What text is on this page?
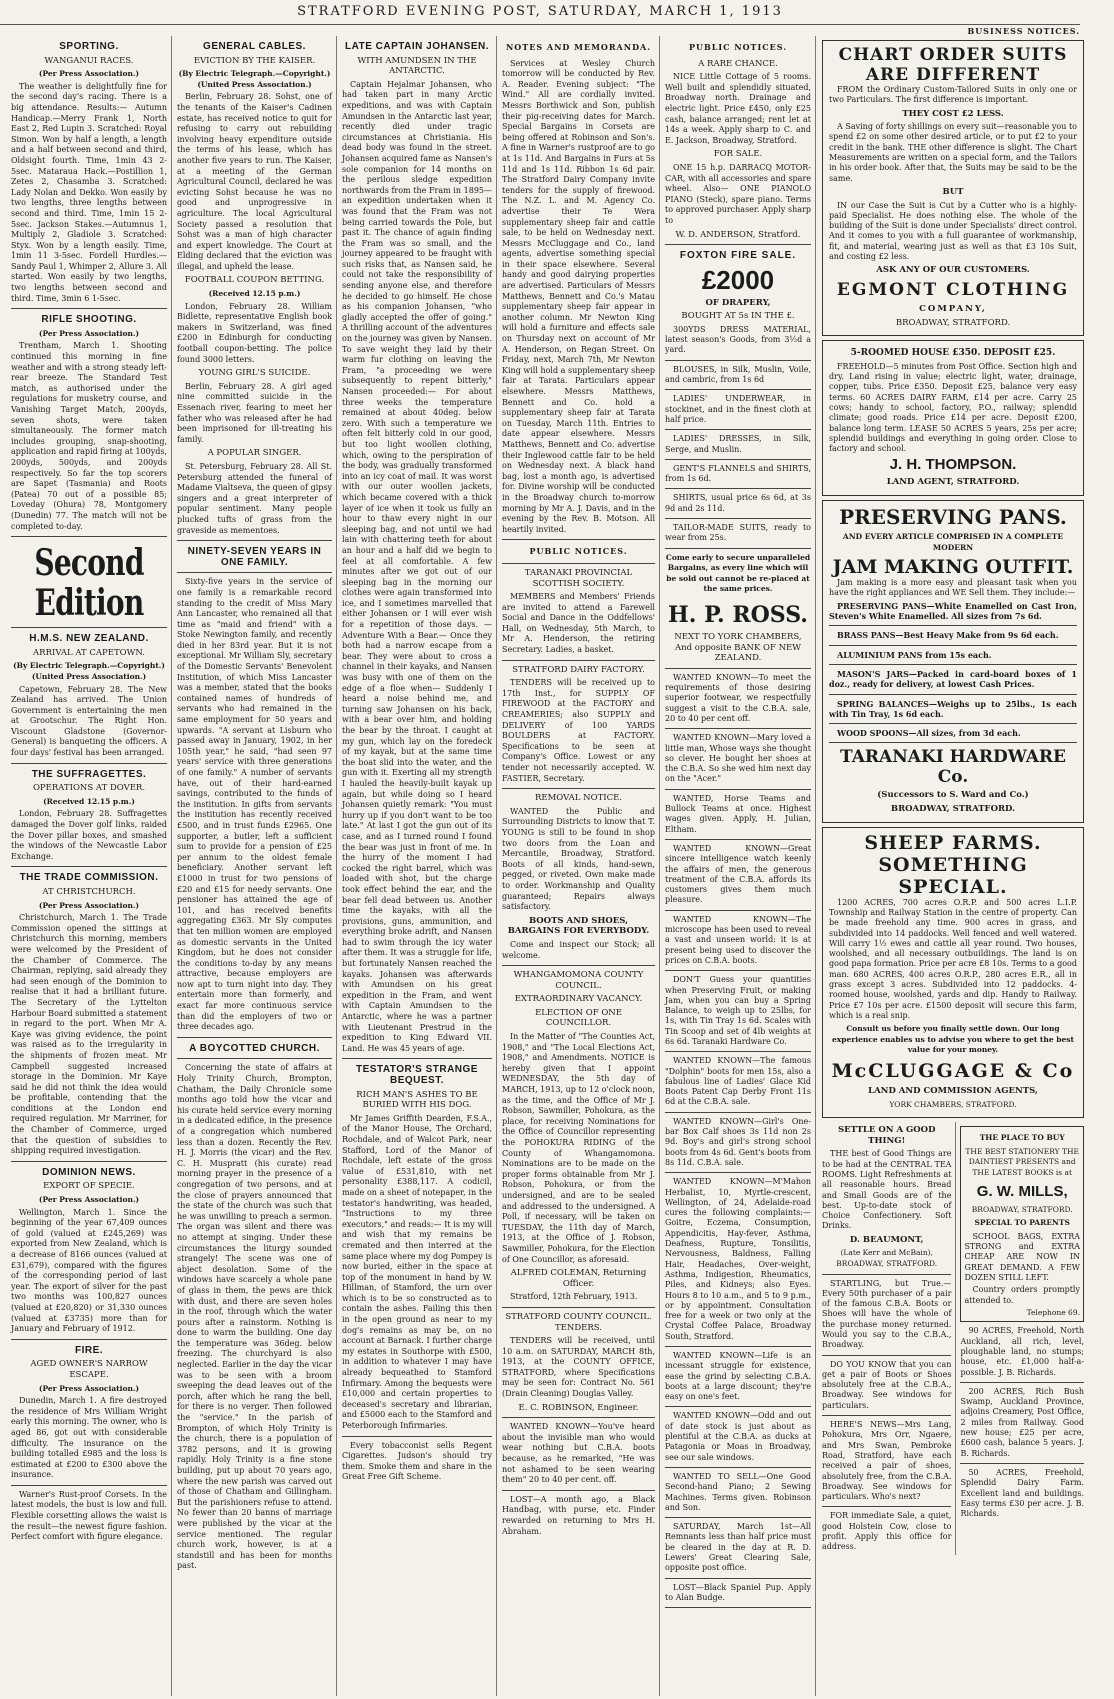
STRATFORD EVENING POST, SATURDAY, MARCH 1, 1913
BUSINESS NOTICES.
SPORTING.
WANGANUI RACES.
(Per Press Association.)

The weather is delightfully fine for the second day's racing. There is a big attendance. Results:— Autumn Handicap.—Merry Frank 1, North East 2, Red Lupin 3. Scratched: Royal Simon. Won by half a length, a length and a half between second and third, Oldsight fourth. Time, 1min 43 2-5sec. Mataraua Hack.—Postillion 1, Zetes 2, Chasamba 3. Scratched: Lady Nolan and Dekko. Won easily by two lengths, three lengths between second and third. Time, 1min 15 2-5sec. Jackson Stakes.—Autumnus 1, Multiply 2, Gladiole 3. Scratched: Styx. Won by a length easily. Time, 1min 11 3-5sec. Fordell Hurdles.—Sandy Paul 1, Whimper 2, Allure 3. All started. Won easily by two lengths, two lengths between second and third. Time, 3min 6 1-5sec.

RIFLE SHOOTING.
(Per Press Association.)

Trentham, March 1. Shooting continued this morning in fine weather and with a strong steady left-rear breeze. The Standard Test match, as authorised under the regulations for musketry course, and Vanishing Target Match, 200yds, seven shots, were taken simultaneously. The former match includes grouping, snap-shooting, application and rapid firing at 100yds, 200yds, 500yds, and 200yds respectively. So far the top scorers are Sapet (Tasmania) and Roots (Patea) 70 out of a possible 85; Loveday (Ohura) 78, Montgomery (Dunedin) 77. The match will not be completed to-day.

Second Edition
H.M.S. NEW ZEALAND.
ARRIVAL AT CAPETOWN.
(By Electric Telegraph.—Copyright.) (United Press Association.)

Capetown, February 28. The New Zealand has arrived. The Union Government is entertaining the men at Grootschur. The Right Hon. Viscount Gladstone (Governor-General) is banqueting the officers. A four days' festival has been arranged.

THE SUFFRAGETTES.
OPERATIONS AT DOVER.
(Received 12.15 p.m.)

London, February 28. Suffragettes damaged the Dover golf links, raided the Dover pillar boxes, and smashed the windows of the Newcastle Labor Exchange.

THE TRADE COMMISSION.
AT CHRISTCHURCH.
(Per Press Association.)

Christchurch, March 1. The Trade Commission opened the sittings at Christchurch this morning, members were welcomed by the President of the Chamber of Commerce. The Chairman, replying, said already they had seen enough of the Dominion to realise that it had a brilliant future. The Secretary of the Lyttelton Harbour Board submitted a statement in regard to the port. When Mr A. Kaye was giving evidence, the point was raised as to the irregularity in the shipments of frozen meat. Mr Campbell suggested increased storage in the Dominion. Mr Kaye said he did not think the idea would be profitable, contending that the conditions at the London end required regulation. Mr Marriner, for the Chamber of Commerce, urged that the question of subsidies to shipping required investigation.

DOMINION NEWS.
EXPORT OF SPECIE.
(Per Press Association.)

Wellington, March 1. Since the beginning of the year 67,409 ounces of gold (valued at £245,269) was exported from New Zealand, which is a decrease of 8166 ounces (valued at £31,679), compared with the figures of the corresponding period of last year. The export of silver for the past two months was 100,827 ounces (valued at £20,820) or 31,330 ounces (valued at £3735) more than for January and February of 1912.

FIRE.
AGED OWNER'S NARROW ESCAPE.
(Per Press Association.)

Dunedin, March 1. A fire destroyed the residence of Mrs William Wright early this morning. The owner, who is aged 86, got out with considerable difficulty. The insurance on the building totalled £985 and the loss is estimated at £200 to £300 above the insurance.

Warner's Rust-proof Corsets. In the latest models, the bust is low and full. Flexible corsetting allows the waist is the result—the newest figure fashion. Perfect comfort with figure elegance.

GENERAL CABLES.
EVICTION BY THE KAISER.
(By Electric Telegraph.—Copyright.) (United Press Association.)

Berlin, February 28. Sohst, one of the tenants of the Kaiser's Cadinen estate, has received notice to quit for refusing to carry out rebuilding involving heavy expenditure outside the terms of his lease, which has another five years to run. The Kaiser, at a meeting of the German Agricultural Council, declared he was evicting Sohst because he was no good and unprogressive in agriculture. The local Agricultural Society passed a resolution that Sohst was a man of high character and expert knowledge. The Court at Elding declared that the eviction was illegal, and upheld the lease.

FOOTBALL COUPON BETTING.
(Received 12.15 p.m.)

London, February 28. William Bidlette, representative English book makers in Switzerland, was fined £200 in Edinburgh for conducting football coupon-betting. The police found 3000 letters.

YOUNG GIRL'S SUICIDE.

Berlin, February 28. A girl aged nine committed suicide in the Essenach river, fearing to meet her father who was released after he had been imprisoned for ill-treating his family.

A POPULAR SINGER.

St. Petersburg, February 28. All St. Petersburg attended the funeral of Madame Vialtseva, the queen of gipsy singers and a great interpreter of popular sentiment. Many people plucked tufts of grass from the graveside as mementoes.

NINETY-SEVEN YEARS IN ONE FAMILY.

Sixty-five years in the service of one family is a remarkable record standing to the credit of Miss Mary Ann Lancaster, who remained all that time as "maid and friend" with a Stoke Newington family, and recently died in her 83rd year. But it is not exceptional. Mr William Sly, secretary of the Domestic Servants' Benevolent Institution, of which Miss Lancaster was a member, stated that the books contained names of hundreds of servants who had remained in the same employment for 50 years and upwards. "A servant at Lisburn who passed away in January, 1902, in her 105th year," he said, "had seen 97 years' service with three generations of one family." A number of servants have, out of their hard-earned savings, contributed to the funds of the institution. In gifts from servants the institution has recently received £500, and in trust funds £2965. One supporter, a butler, left a sufficient sum to provide for a pension of £25 per annum to the oldest female beneficiary. Another servant left £1000 in trust for two pensions of £20 and £15 for needy servants. One pensioner has attained the age of 101, and has received benefits aggregating £363. Mr Sly computes that ten million women are employed as domestic servants in the United Kingdom, but he does not consider the conditions to-day by any means attractive, because employers are now apt to turn night into day. They entertain more than formerly, and exact far more continuous service than did the employers of two or three decades ago.

A BOYCOTTED CHURCH.

Concerning the state of affairs at Holy Trinity Church, Brompton, Chatham, the Daily Chronicle some months ago told how the vicar and his curate held service every morning in a dedicated edifice, in the presence of a congregation which numbered less than a dozen. Recently the Rev. H. J. Morris (the vicar) and the Rev. C. H. Muspratt (his curate) read morning prayer in the presence of a congregation of two persons, and at the close of prayers announced that the state of the church was such that he was unwilling to preach a sermon. The organ was silent and there was no attempt at singing. Under these circumstances the liturgy sounded strangely! The scene was one of abject desolation. Some of the windows have scarcely a whole pane of glass in them, the pews are thick with dust, and there are seven holes in the roof, through which the water pours after a rainstorm. Nothing is done to warm the building. One day the temperature was 36deg. below freezing. The churchyard is also neglected. Earlier in the day the vicar was to be seen with a broom sweeping the dead leaves out of the porch, after which he rang the bell, for there is no verger. Then followed the "service." In the parish of Brompton, of which Holy Trinity is the church, there is a population of 3782 persons, and it is growing rapidly. Holy Trinity is a fine stone building, put up about 70 years ago, where the new parish was carved out of those of Chatham and Gillingham. But the parishioners refuse to attend. No fewer than 20 banns of marriage were published by the vicar at the service mentioned. The regular church work, however, is at a standstill and has been for months past.

LATE CAPTAIN JOHANSEN.
WITH AMUNDSEN IN THE ANTARCTIC.

Captain Hejalmar Johansen, who had taken part in many Arctic expeditions, and was with Captain Amundsen in the Antarctic last year, recently died under tragic circumstances at Christiania. His dead body was found in the street. Johansen acquired fame as Nansen's sole companion for 14 months on the perilous sledge expedition northwards from the Fram in 1895—an expedition undertaken when it was found that the Fram was not being carried towards the Pole, but past it. The chance of again finding the Fram was so small, and the journey appeared to be fraught with such risks that, as Nansen said, he could not take the responsibility of sending anyone else, and therefore he decided to go himself. He chose as his companion Johansen, "who gladly accepted the offer of going." A thrilling account of the adventures on the journey was given by Nansen. To save weight they laid by their warm fur clothing on leaving the Fram, "a proceeding we were subsequently to repent bitterly," Nansen proceeded:— For about three weeks the temperature remained at about 40deg. below zero. With such a temperature we often felt bitterly cold in our good, but too light woollen clothing, which, owing to the perspiration of the body, was gradually transformed into an icy coat of mail. It was worst with our outer woollen jackets, which became covered with a thick layer of ice when it took us fully an hour to thaw every night in our sleeping bag, and not until we had lain with chattering teeth for about an hour and a half did we begin to feel at all comfortable. A few minutes after we got out of our sleeping bag in the morning our clothes were again transformed into ice, and I sometimes marvelled that either Johansen or I will ever wish for a repetition of those days. —Adventure With a Bear.— Once they both had a narrow escape from a bear. They were about to cross a channel in their kayaks, and Nansen was busy with one of them on the edge of a floe when— Suddenly I heard a noise behind me, and turning saw Johansen on his back, with a bear over him, and holding the bear by the throat. I caught at my gun, which lay on the foredeck of my kayak, but at the same time the boat slid into the water, and the gun with it. Exerting all my strength I hauled the heavily-built kayak up again, but while doing so I heard Johansen quietly remark: "You must hurry up if you don't want to be too late." At last I got the gun out of its case, and as I turned round I found the bear was just in front of me. In the hurry of the moment I had cocked the right barrel, which was loaded with shot, but the charge took effect behind the ear, and the bear fell dead between us. Another time the kayaks, with all the provisions, guns, ammunition, and everything broke adrift, and Nansen had to swim through the icy water after them. It was a struggle for life, but fortunately Nansen reached the kayaks. Johansen was afterwards with Amundsen on his great expedition in the Fram, and went with Captain Amundsen to the Antarctic, where he was a partner with Lieutenant Prestrud in the expedition to King Edward VII. Land. He was 45 years of age.

TESTATOR'S STRANGE BEQUEST.
RICH MAN'S ASHES TO BE BURIED WITH HIS DOG.

Mr James Griffith Dearden, F.S.A., of the Manor House, The Orchard, Rochdale, and of Walcot Park, near Stafford, Lord of the Manor of Rochdale, left estate of the gross value of £531,810, with net personality £388,117. A codicil, made on a sheet of notepaper, in the testator's handwriting, was headed, "Instructions to my three executors," and reads:— It is my will and wish that my remains be cremated and then interred at the same place where my dog Pompey is now buried, either in the space at top of the monument in hand by W. Hillman, of Stamford, the urn over which is to be so constructed as to contain the ashes. Failing this then in the open ground as near to my dog's remains as may be, on no account at Barnack. I further charge my estates in Southorpe with £500, in addition to whatever I may have already bequeathed to Stamford Infirmary. Among the bequests were £10,000 and certain properties to deceased's secretary and librarian, and £5000 each to the Stamford and Peterborough Infirmaries.

Every tobacconist sells Regent Cigarettes. Judson's should try them. Smoke them and share in the Great Free Gift Scheme.

NOTES AND MEMORANDA.

Services at Wesley Church tomorrow will be conducted by Rev. A. Reader. Evening subject: "The Wind." All are cordially invited. Messrs Borthwick and Son, publish their pig-receiving dates for March. Special Bargains in Corsets are being offered at Robinson and Son's. A fine in Warner's rustproof are to go at 1s 11d. And Bargains in Furs at 5s 11d and 1s 11d. Ribbon 1s 6d pair. The Stratford Dairy Company invite tenders for the supply of firewood. The N.Z. L. and M. Agency Co. advertise their Te Wera supplementary sheep fair and cattle sale, to be held on Wednesday next. Messrs McCluggage and Co., land agents, advertise something special in their space elsewhere. Several handy and good dairying properties are advertised. Particulars of Messrs Matthews, Bennett and Co.'s Matau supplementary sheep fair appear in another column. Mr Newton King will hold a furniture and effects sale on Thursday next on account of Mr A. Henderson, on Regan Street. On Friday, next, March 7th, Mr Newton King will hold a supplementary sheep fair at Tarata. Particulars appear elsewhere. Messrs Matthews, Bennett and Co. hold a supplementary sheep fair at Tarata on Tuesday, March 11th. Entries to date appear elsewhere. Messrs Matthews, Bennett and Co. advertise their Inglewood cattle fair to be held on Wednesday next. A black hand bag, lost a month ago, is advertised for. Divine worship will be conducted in the Broadway church to-morrow morning by Mr A. J. Davis, and in the evening by the Rev. B. Motson. All heartily invited.

PUBLIC NOTICES.
TARANAKI PROVINCIAL SCOTTISH SOCIETY.

MEMBERS and Members' Friends are invited to attend a Farewell Social and Dance in the Oddfellows' Hall, on Wednesday, 5th March, to Mr A. Henderson, the retiring Secretary. Ladies, a basket.

STRATFORD DAIRY FACTORY.

TENDERS will be received up to 17th Inst., for SUPPLY OF FIREWOOD at the FACTORY and CREAMERIES; also SUPPLY and DELIVERY of 100 YARDS BOULDERS at FACTORY. Specifications to be seen at Company's Office. Lowest or any tender not necessarily accepted. W. FASTIER, Secretary.

REMOVAL NOTICE.

WANTED the Public and Surrounding Districts to know that T. YOUNG is still to be found in shop two doors from the Loan and Mercantile, Broadway, Stratford. Boots of all kinds, hand-sewn, pegged, or riveted. Own make made to order. Workmanship and Quality guaranteed; Repairs always satisfactory.

BOOTS AND SHOES, BARGAINS FOR EVERYBODY.

Come and inspect our Stock; all welcome.

WHANGAMOMONA COUNTY COUNCIL.
EXTRAORDINARY VACANCY.
ELECTION OF ONE COUNCILLOR.

In the Matter of "The Counties Act, 1908," and "The Local Elections Act, 1908," and Amendments. NOTICE is hereby given that I appoint WEDNESDAY, the 5th day of MARCH, 1913, up to 12 o'clock noon, as the time, and the Office of Mr J. Robson, Sawmiller, Pohokura, as the place, for receiving Nominations for the Office of Councillor representing the POHOKURA RIDING of the County of Whangamomona. Nominations are to be made on the proper forms obtainable from Mr J. Robson, Pohokura, or from the undersigned, and are to be sealed and addressed to the undersigned. A Poll, if necessary, will be taken on TUESDAY, the 11th day of March, 1913, at the Office of J. Robson, Sawmiller, Pohokura, for the Election of One Councillor, as aforesaid.

ALFRED COLEMAN, Returning Officer.

Stratford, 12th February, 1913.

STRATFORD COUNTY COUNCIL. TENDERS.

TENDERS will be received, until 10 a.m. on SATURDAY, MARCH 8th, 1913, at the COUNTY OFFICE, STRATFORD, where Specifications may be seen for: Contract No. 561 (Drain Cleaning) Douglas Valley.

E. C. ROBINSON, Engineer.

WANTED KNOWN—You've heard about the invisible man who would wear nothing but C.B.A. boots because, as he remarked, "He was not ashamed to be seen wearing them" 20 to 40 per cent. off.

LOST—A month ago, a Black Handbag, with purse, etc. Finder rewarded on returning to Mrs H. Abraham.

PUBLIC NOTICES.
A RARE CHANCE.

NICE Little Cottage of 5 rooms. Well built and splendidly situated, Broadway north. Drainage and electric light. Price £450, only £25 cash, balance arranged; rent let at 14s a week. Apply sharp to C. and E. Jackson, Broadway, Stratford.

FOR SALE.

ONE 15 h.p. DARRACQ MOTOR-CAR, with all accessories and spare wheel. Also— ONE PIANOLO PIANO (Steck), spare piano. Terms to approved purchaser. Apply sharp to

W. D. ANDERSON, Stratford.
FOXTON FIRE SALE.
£2000
OF DRAPERY,
BOUGHT AT 5s IN THE £.

300YDS DRESS MATERIAL, latest season's Goods, from 3½d a yard.

BLOUSES, in Silk, Muslin, Voile, and cambric, from 1s 6d

LADIES' UNDERWEAR, in stockinet, and in the finest cloth at half price.

LADIES' DRESSES, in Silk, Serge, and Muslin.

GENT'S FLANNELS and SHIRTS, from 1s 6d.

SHIRTS, usual price 6s 6d, at 3s 9d and 2s 11d.

TAILOR-MADE SUITS, ready to wear from 25s.

Come early to secure unparalleled Bargains, as every line which will be sold out cannot be re-placed at the same prices.
H. P. ROSS.
NEXT TO YORK CHAMBERS, And opposite BANK OF NEW ZEALAND.

WANTED KNOWN—To meet the requirements of those desiring superior footwear, we respectfully suggest a visit to the C.B.A. sale, 20 to 40 per cent off.

WANTED KNOWN—Mary loved a little man, Whose ways she thought so clever. He bought her shoes at the C.B.A. So she wed him next day on the "Acer."

WANTED, Horse Teams and Bullock Teams at once. Highest wages given. Apply, H. Julian, Eltham.

WANTED KNOWN—Great sincere intelligence watch keenly the affairs of men, the generous treatment of the C.B.A. affords its customers gives them much pleasure.

WANTED KNOWN—The microscope has been used to reveal a vast and unseen world: it is at present being used to discover the prices on C.B.A. boots.

DON'T Guess your quantities when Preserving Fruit, or making Jam, when you can buy a Spring Balance, to weigh up to 25lbs, for 1s, with Tin Tray 1s 6d. Scales with Tin Scoop and set of 4lb weights at 6s 6d. Taranaki Hardware Co.

WANTED KNOWN—The famous "Dolphin" boots for men 15s, also a fabulous line of Ladies' Glace Kid Boots Patent Cap Derby Front 11s 6d at the C.B.A. sale.

WANTED KNOWN—Girl's One-bar Box Calf shoes 3s 11d non 2s 9d. Boy's and girl's strong school boots from 4s 6d. Gent's boots from 8s 11d. C.B.A. sale.

WANTED KNOWN—M'Mahon Herbalist, 10, Myrtle-crescent, Wellington, of 24, Adelaide-road cures the following complaints:—Goitre, Eczema, Consumption, Appendicitis, Hay-fever, Asthma, Deafness, Rupture, Tonsilitis, Nervousness, Baldness, Falling Hair, Headaches, Over-weight, Asthma, Indigestion, Rheumatics, Piles, and Kidneys; also Eyes. Hours 8 to 10 a.m., and 5 to 9 p.m., or by appointment. Consultation free for a week or two only at the Crystal Coffee Palace, Broadway South, Stratford.

WANTED KNOWN—Life is an incessant struggle for existence, ease the grind by selecting C.B.A. boots at a large discount; they're easy on one's feet.

WANTED KNOWN—Odd and out of date stock is just about as plentiful at the C.B.A. as ducks at Patagonia or Moas in Broadway, see our sale windows.

WANTED TO SELL—One Good Second-hand Piano; 2 Sewing Machines. Terms given. Robinson and Son.

SATURDAY, March 1st—All Remnants less than half price must be cleared in the day at R. D. Lewers' Great Clearing Sale, opposite post office.

LOST—Black Spaniel Pup. Apply to Alan Budge.

CHART ORDER SUITS
ARE DIFFERENT

FROM the Ordinary Custom-Tailored Suits in only one or two Particulars. The first difference is important.

THEY COST £2 LESS.

A Saving of forty shillings on every suit—reasonable you to spend £2 on some other desired article, or to put £2 to your credit in the bank. THE other difference is slight. The Chart Measurements are written on a special form, and the Tailors in his order book. After that, the Suits may be said to be the same.

BUT

IN our Case the Suit is Cut by a Cutter who is a highly-paid Specialist. He does nothing else. The whole of the building of the Suit is done under Specialists' direct control. And it comes to you with a full guarantee of workmanship, fit, and material, wearing just as well as that £3 10s Suit, and costing £2 less.

ASK ANY OF OUR CUSTOMERS.
EGMONT CLOTHING
COMPANY,
BROADWAY, STRATFORD.
5-ROOMED HOUSE £350. DEPOSIT £25.

FREEHOLD—5 minutes from Post Office. Section high and dry. Land rising in value; electric light, water, drainage, copper, tubs. Price £350. Deposit £25, balance very easy terms. 60 ACRES DAIRY FARM, £14 per acre. Carry 25 cows; handy to school, factory, P.O., railway; splendid climate; good roads. Price £14 per acre. Deposit £200, balance long term. LEASE 50 ACRES 5 years, 25s per acre; splendid buildings and everything in going order. Close to factory and school.

J. H. THOMPSON.
LAND AGENT, STRATFORD.
PRESERVING PANS.
AND EVERY ARTICLE COMPRISED IN A COMPLETE MODERN
JAM MAKING OUTFIT.

Jam making is a more easy and pleasant task when you have the right appliances and WE Sell them. They include:—

PRESERVING PANS—White Enamelled on Cast Iron, Steven's White Enamelled. All sizes from 7s 6d.

BRASS PANS—Best Heavy Make from 9s 6d each.

ALUMINIUM PANS from 15s each.

MASON'S JARS—Packed in card-board boxes of 1 doz., ready for delivery, at lowest Cash Prices.

SPRING BALANCES—Weighs up to 25lbs., 1s each with Tin Tray, 1s 6d each.

WOOD SPOONS—All sizes, from 3d each.

TARANAKI HARDWARE Co.
(Successors to S. Ward and Co.)
BROADWAY, STRATFORD.
SHEEP FARMS.
SOMETHING SPECIAL.

1200 ACRES, 700 acres O.R.P. and 500 acres L.I.P. Township and Railway Station in the centre of property. Can be made freehold any time. 900 acres in grass, and subdivided into 14 paddocks. Well fenced and well watered. Will carry 1½ ewes and cattle all year round. Two houses, woolshed, and all necessary outbuildings. The land is on good papa formation. Price per acre £8 10s. Terms to a good man. 680 ACRES, 400 acres O.R.P., 280 acres E.R., all in grass except 3 acres. Subdivided into 12 paddocks. 4-roomed house, woolshed, yards and dip. Handy to Railway. Price £7 10s per acre. £1500 deposit will secure this farm, which is a real snip.

Consult us before you finally settle down. Our long experience enables us to advise you where to get the best value for your money.
McCLUGGAGE & Co
LAND AND COMMISSION AGENTS,
YORK CHAMBERS, STRATFORD.
SETTLE ON A GOOD THING!

THE best of Good Things are to be had at the CENTRAL TEA ROOMS. Light Refreshments at all reasonable hours. Bread and Small Goods are of the best. Up-to-date stock of Choice Confectionery. Soft Drinks.

D. BEAUMONT,
(Late Kerr and McBain), BROADWAY, STRATFORD.

STARTLING, but True.—Every 50th purchaser of a pair of the famous C.B.A. Boots or Shoes will have the whole of the purchase money returned. Would you say to the C.B.A., Broadway.

DO YOU KNOW that you can get a pair of Boots or Shoes absolutely free at the C.B.A., Broadway. See windows for particulars.

HERE'S NEWS—Mrs Lang, Pohokura, Mrs Orr, Ngaere, and Mrs Swan, Pembroke Road, Stratford, have each received a pair of shoes, absolutely free, from the C.B.A. Broadway. See windows for particulars. Who's next?

FOR immediate Sale, a quiet, good Holstein Cow, close to profit. Apply this office for address.

THE PLACE TO BUY
THE BEST STATIONERY THE DAINTIEST PRESENTS and THE LATEST BOOKS is at
G. W. MILLS,
BROADWAY, STRATFORD.
SPECIAL TO PARENTS

SCHOOL BAGS, EXTRA STRONG and EXTRA CHEAP ARE NOW IN GREAT DEMAND. A FEW DOZEN STILL LEFT.

Country orders promptly attended to.

Telephone 69.

90 ACRES, Freehold, North Auckland, all rich, level, ploughable land, no stumps; house, etc. £1,000 half-a-possible. J. B. Richards.

200 ACRES, Rich Bush Swamp, Auckland Province, adjoins Creamery, Post Office, 2 miles from Railway. Good new house; £25 per acre, £600 cash, balance 5 years. J. B. Richards.

50 ACRES, Freehold, Splendid Dairy Farm. Excellent land and buildings. Easy terms £30 per acre. J. B. Richards.
